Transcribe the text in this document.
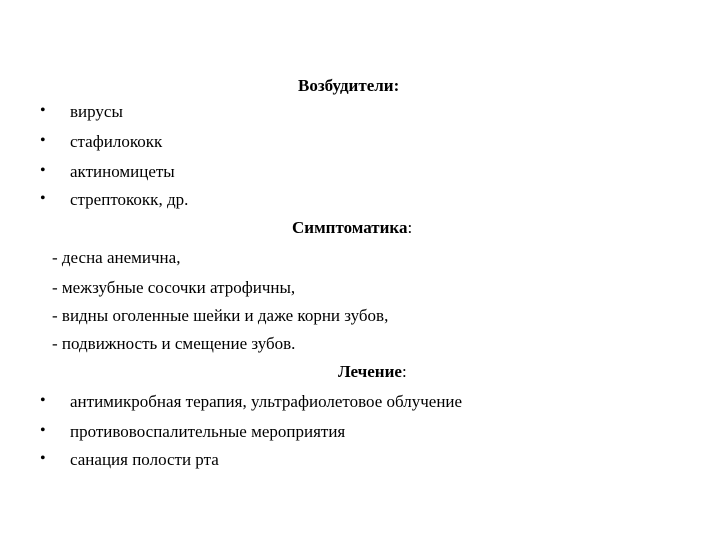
Возбудители:
•	вирусы
•	стафилококк
•	актиномицеты
•	стрептококк, др.
Симптоматика:
- десна анемична,
- межзубные сосочки атрофичны,
- видны оголенные шейки и даже корни зубов,
- подвижность и смещение зубов.
Лечение:
•	антимикробная терапия, ультрафиолетовое облучение
•	противовоспалительные мероприятия
•	санация полости рта
